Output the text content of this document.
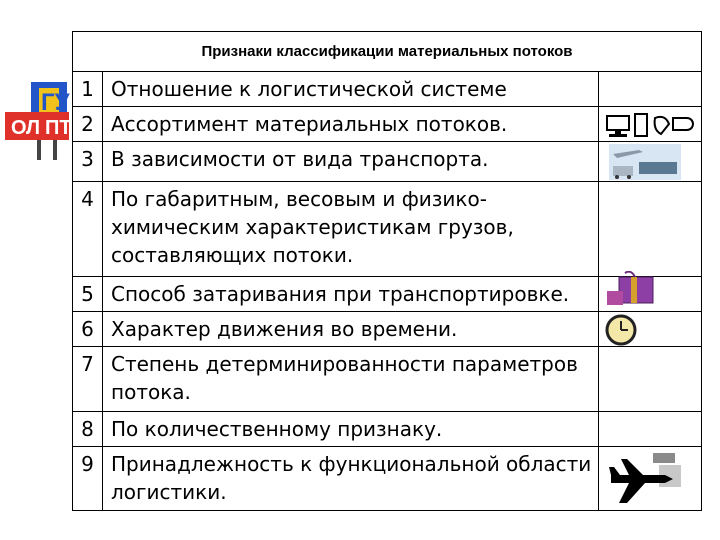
ОЛ ПТ
ГУ
Признаки классификации материальных потоков
1 Отношение к логистической системе
2 Ассортимент материальных потоков.
3 В зависимости от вида транспорта.
4 По габаритным, весовым и физико-химическим характеристикам грузов, составляющих потоки.
5 Способ затаривания при транспортировке.
6 Характер движения во времени.
7 Степень детерминированности параметров потока.
8 По количественному признаку.
9 Принадлежность к функциональной области логистики.
